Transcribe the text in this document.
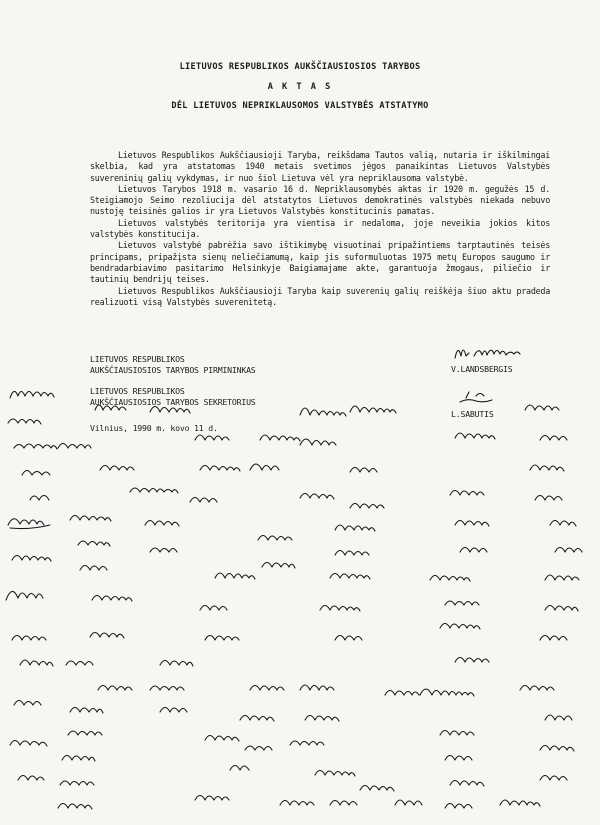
LIETUVOS RESPUBLIKOS AUKŠČIAUSIOSIOS TARYBOS
A K T A S
DĖL LIETUVOS NEPRIKLAUSOMOS VALSTYBĖS ATSTATYMO

Lietuvos Respublikos Aukščiausioji Taryba, reikšdama Tautos valią, nutaria ir iškilmingai skelbia, kad yra atstatomas 1940 metais svetimos jėgos panaikintas Lietuvos Valstybės suvereninių galių vykdymas, ir nuo šiol Lietuva vėl yra nepriklausoma valstybė.

Lietuvos Tarybos 1918 m. vasario 16 d. Nepriklausomybės aktas ir 1920 m. gegužės 15 d. Steigiamojo Seimo rezoliucija dėl atstatytos Lietuvos demokratinės valstybės niekada nebuvo nustoję teisinės galios ir yra Lietuvos Valstybės konstitucinis pamatas.

Lietuvos valstybės teritorija yra vientisa ir nedaloma, joje neveikia jokios kitos valstybės konstitucija.

Lietuvos valstybė pabrėžia savo ištikimybę visuotinai pripažintiems tarptautinės teisės principams, pripažįsta sienų neliečiamumą, kaip jis suformuluotas 1975 metų Europos saugumo ir bendradarbiavimo pasitarimo Helsinkyje Baigiamajame akte, garantuoja žmogaus, piliečio ir tautinių bendrijų teises.

Lietuvos Respublikos Aukščiausioji Taryba kaip suverenių galių reiškėja šiuo aktu pradeda realizuoti visą Valstybės suverenitetą.

LIETUVOS RESPUBLIKOS
AUKŠČIAUSIOSIOS TARYBOS PIRMININKAS	V.LANDSBERGIS
LIETUVOS RESPUBLIKOS
AUKŠČIAUSIOSIOS TARYBOS SEKRETORIUS
L.SABUTIS
Vilnius, 1990 m. kovo 11 d.
